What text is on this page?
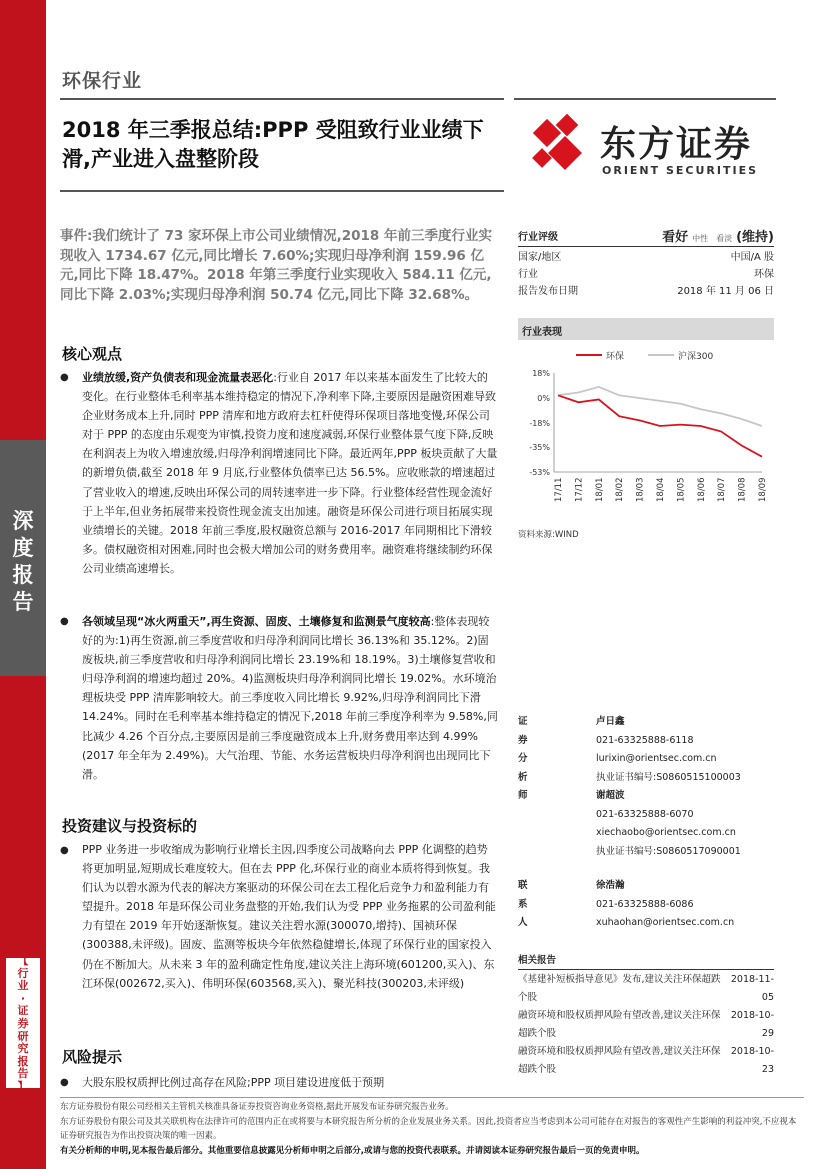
深
度
报
告
【
行
业
·
证
券
研
究
报
告
】
环保行业
2018 年三季报总结:PPP 受阻致行业业绩下滑,产业进入盘整阶段	东方证券
ORIENT SECURITIES
事件:我们统计了 73 家环保上市公司业绩情况,2018 年前三季度行业实现收入 1734.67 亿元,同比增长 7.60%;实现归母净利润 159.96 亿元,同比下降 18.47%。2018 年第三季度行业实现收入 584.11 亿元,同比下降 2.03%;实现归母净利润 50.74 亿元,同比下降 32.68%。
核心观点
● 业绩放缓,资产负债表和现金流量表恶化:行业自 2017 年以来基本面发生了比较大的变化。在行业整体毛利率基本维持稳定的情况下,净利率下降,主要原因是融资困难导致企业财务成本上升,同时 PPP 清库和地方政府去杠杆使得环保项目落地变慢,环保公司对于 PPP 的态度由乐观变为审慎,投资力度和速度减弱,环保行业整体景气度下降,反映在利润表上为收入增速放缓,归母净利润增速同比下降。最近两年,PPP 板块贡献了大量的新增负债,截至 2018 年 9 月底,行业整体负债率已达 56.5%。应收账款的增速超过了营业收入的增速,反映出环保公司的周转速率进一步下降。行业整体经营性现金流好于上半年,但业务拓展带来投资性现金流支出加速。融资是环保公司进行项目拓展实现业绩增长的关键。2018 年前三季度,股权融资总额与 2016-2017 年同期相比下滑较多。债权融资相对困难,同时也会极大增加公司的财务费用率。融资难将继续制约环保公司业绩高速增长。
● 各领域呈现“冰火两重天”,再生资源、固废、土壤修复和监测景气度较高:整体表现较好的为:1)再生资源,前三季度营收和归母净利润同比增长 36.13%和 35.12%。2)固废板块,前三季度营收和归母净利润同比增长 23.19%和 18.19%。3)土壤修复营收和归母净利润的增速均超过 20%。4)监测板块归母净利润同比增长 19.02%。水环境治理板块受 PPP 清库影响较大。前三季度收入同比增长 9.92%,归母净利润同比下滑 14.24%。同时在毛利率基本维持稳定的情况下,2018 年前三季度净利率为 9.58%,同比减少 4.26 个百分点,主要原因是前三季度融资成本上升,财务费用率达到 4.99%(2017 年全年为 2.49%)。大气治理、节能、水务运营板块归母净利润也出现同比下滑。
投资建议与投资标的
● PPP 业务进一步收缩成为影响行业增长主因,四季度公司战略向去 PPP 化调整的趋势将更加明显,短期成长难度较大。但在去 PPP 化,环保行业的商业本质将得到恢复。我们认为以碧水源为代表的解决方案驱动的环保公司在去工程化后竞争力和盈利能力有望提升。2018 年是环保公司业务盘整的开始,我们认为受 PPP 业务拖累的公司盈利能力有望在 2019 年开始逐渐恢复。建议关注碧水源(300070,增持)、国祯环保(300388,未评级)。固废、监测等板块今年依然稳健增长,体现了环保行业的国家投入仍在不断加大。从未来 3 年的盈利确定性角度,建议关注上海环境(601200,买入)、东江环保(002672,买入)、伟明环保(603568,买入)、聚光科技(300203,未评级)
风险提示
● 大股东股权质押比例过高存在风险;PPP 项目建设进度低于预期
行业评级	看好 中性 看淡 (维持)
国家/地区	中国/A 股
行业	环保
报告发布日期	2018 年 11 月 06 日
行业表现
环保	沪深300
18%
0%
-18%
-35%
-53%
17/11 17/12 18/01 18/02 18/03 18/04 18/05 18/06 18/07 18/08 18/09
资料来源:WIND
证券分析师
卢日鑫
021-63325888-6118
lurixin@orientsec.com.cn
执业证书编号:S0860515100003
谢超波
021-63325888-6070
xiechaobo@orientsec.com.cn
执业证书编号:S0860517090001
联系人
徐浩瀚
021-63325888-6086
xuhaohan@orientsec.com.cn
相关报告
《基建补短板指导意见》发布,建议关注环保超跌个股
2018-11-05
融资环境和股权质押风险有望改善,建议关注环保超跌个股
2018-10-29
融资环境和股权质押风险有望改善,建议关注环保超跌个股
2018-10-23
东方证券股份有限公司经相关主管机关核准具备证券投资咨询业务资格,据此开展发布证券研究报告业务。
东方证券股份有限公司及其关联机构在法律许可的范围内正在或将要与本研究报告所分析的企业发展业务关系。因此,投资者应当考虑到本公司可能存在对报告的客观性产生影响的利益冲突,不应视本证券研究报告为作出投资决策的唯一因素。
有关分析师的申明,见本报告最后部分。其他重要信息披露见分析师申明之后部分,或请与您的投资代表联系。并请阅读本证券研究报告最后一页的免责申明。
